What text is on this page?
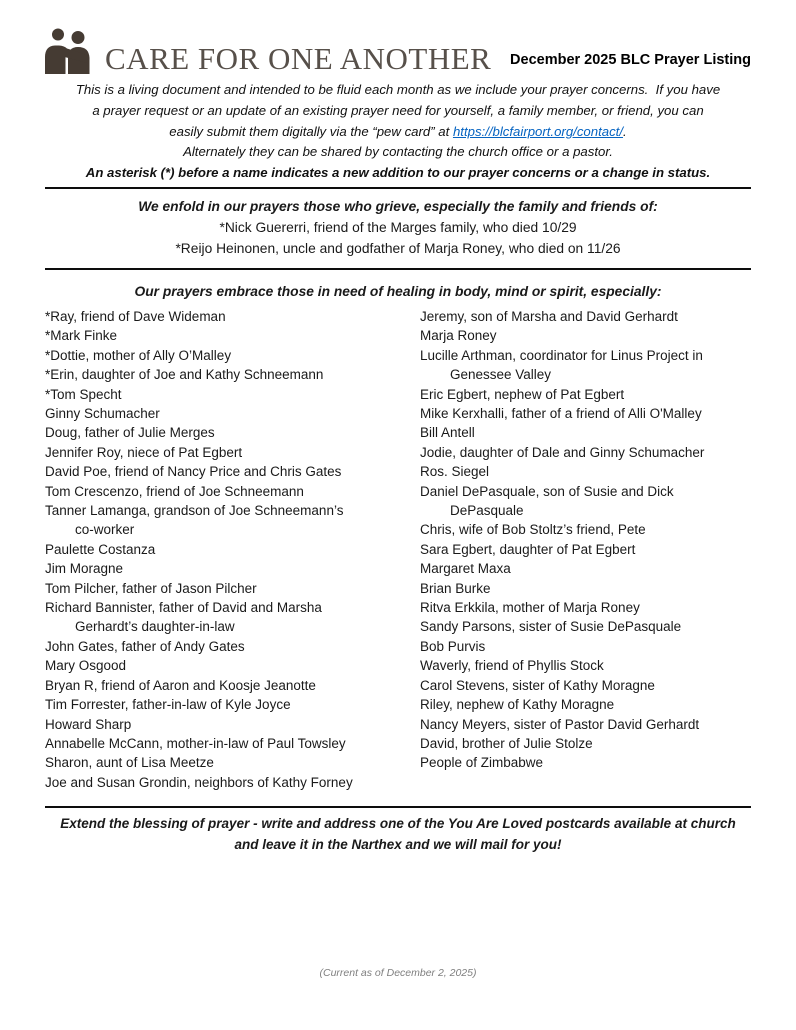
CARE FOR ONE ANOTHER December 2025 BLC Prayer Listing
This is a living document and intended to be fluid each month as we include your prayer concerns.  If you have
a prayer request or an update of an existing prayer need for yourself, a family member, or friend, you can
easily submit them digitally via the “pew card” at https://blcfairport.org/contact/.
Alternately they can be shared by contacting the church office or a pastor.
An asterisk (*) before a name indicates a new addition to our prayer concerns or a change in status.
We enfold in our prayers those who grieve, especially the family and friends of:
*Nick Guererri, friend of the Marges family, who died 10/29
*Reijo Heinonen, uncle and godfather of Marja Roney, who died on 11/26
Our prayers embrace those in need of healing in body, mind or spirit, especially:
*Ray, friend of Dave Wideman
*Mark Finke
*Dottie, mother of Ally O’Malley
*Erin, daughter of Joe and Kathy Schneemann
*Tom Specht
Ginny Schumacher
Doug, father of Julie Merges
Jennifer Roy, niece of Pat Egbert
David Poe, friend of Nancy Price and Chris Gates
Tom Crescenzo, friend of Joe Schneemann
Tanner Lamanga, grandson of Joe Schneemann’s
co-worker
Paulette Costanza
Jim Moragne
Tom Pilcher, father of Jason Pilcher
Richard Bannister, father of David and Marsha
Gerhardt’s daughter-in-law
John Gates, father of Andy Gates
Mary Osgood
Bryan R, friend of Aaron and Koosje Jeanotte
Tim Forrester, father-in-law of Kyle Joyce
Howard Sharp
Annabelle McCann, mother-in-law of Paul Towsley
Sharon, aunt of Lisa Meetze
Joe and Susan Grondin, neighbors of Kathy Forney
Jeremy, son of Marsha and David Gerhardt
Marja Roney
Lucille Arthman, coordinator for Linus Project in
Genessee Valley
Eric Egbert, nephew of Pat Egbert
Mike Kerxhalli, father of a friend of Alli O'Malley
Bill Antell
Jodie, daughter of Dale and Ginny Schumacher
Ros. Siegel
Daniel DePasquale, son of Susie and Dick
DePasquale
Chris, wife of Bob Stoltz’s friend, Pete
Sara Egbert, daughter of Pat Egbert
Margaret Maxa
Brian Burke
Ritva Erkkila, mother of Marja Roney
Sandy Parsons, sister of Susie DePasquale
Bob Purvis
Waverly, friend of Phyllis Stock
Carol Stevens, sister of Kathy Moragne
Riley, nephew of Kathy Moragne
Nancy Meyers, sister of Pastor David Gerhardt
David, brother of Julie Stolze
People of Zimbabwe
Extend the blessing of prayer - write and address one of the You Are Loved postcards available at church
and leave it in the Narthex and we will mail for you!
(Current as of December 2, 2025)
